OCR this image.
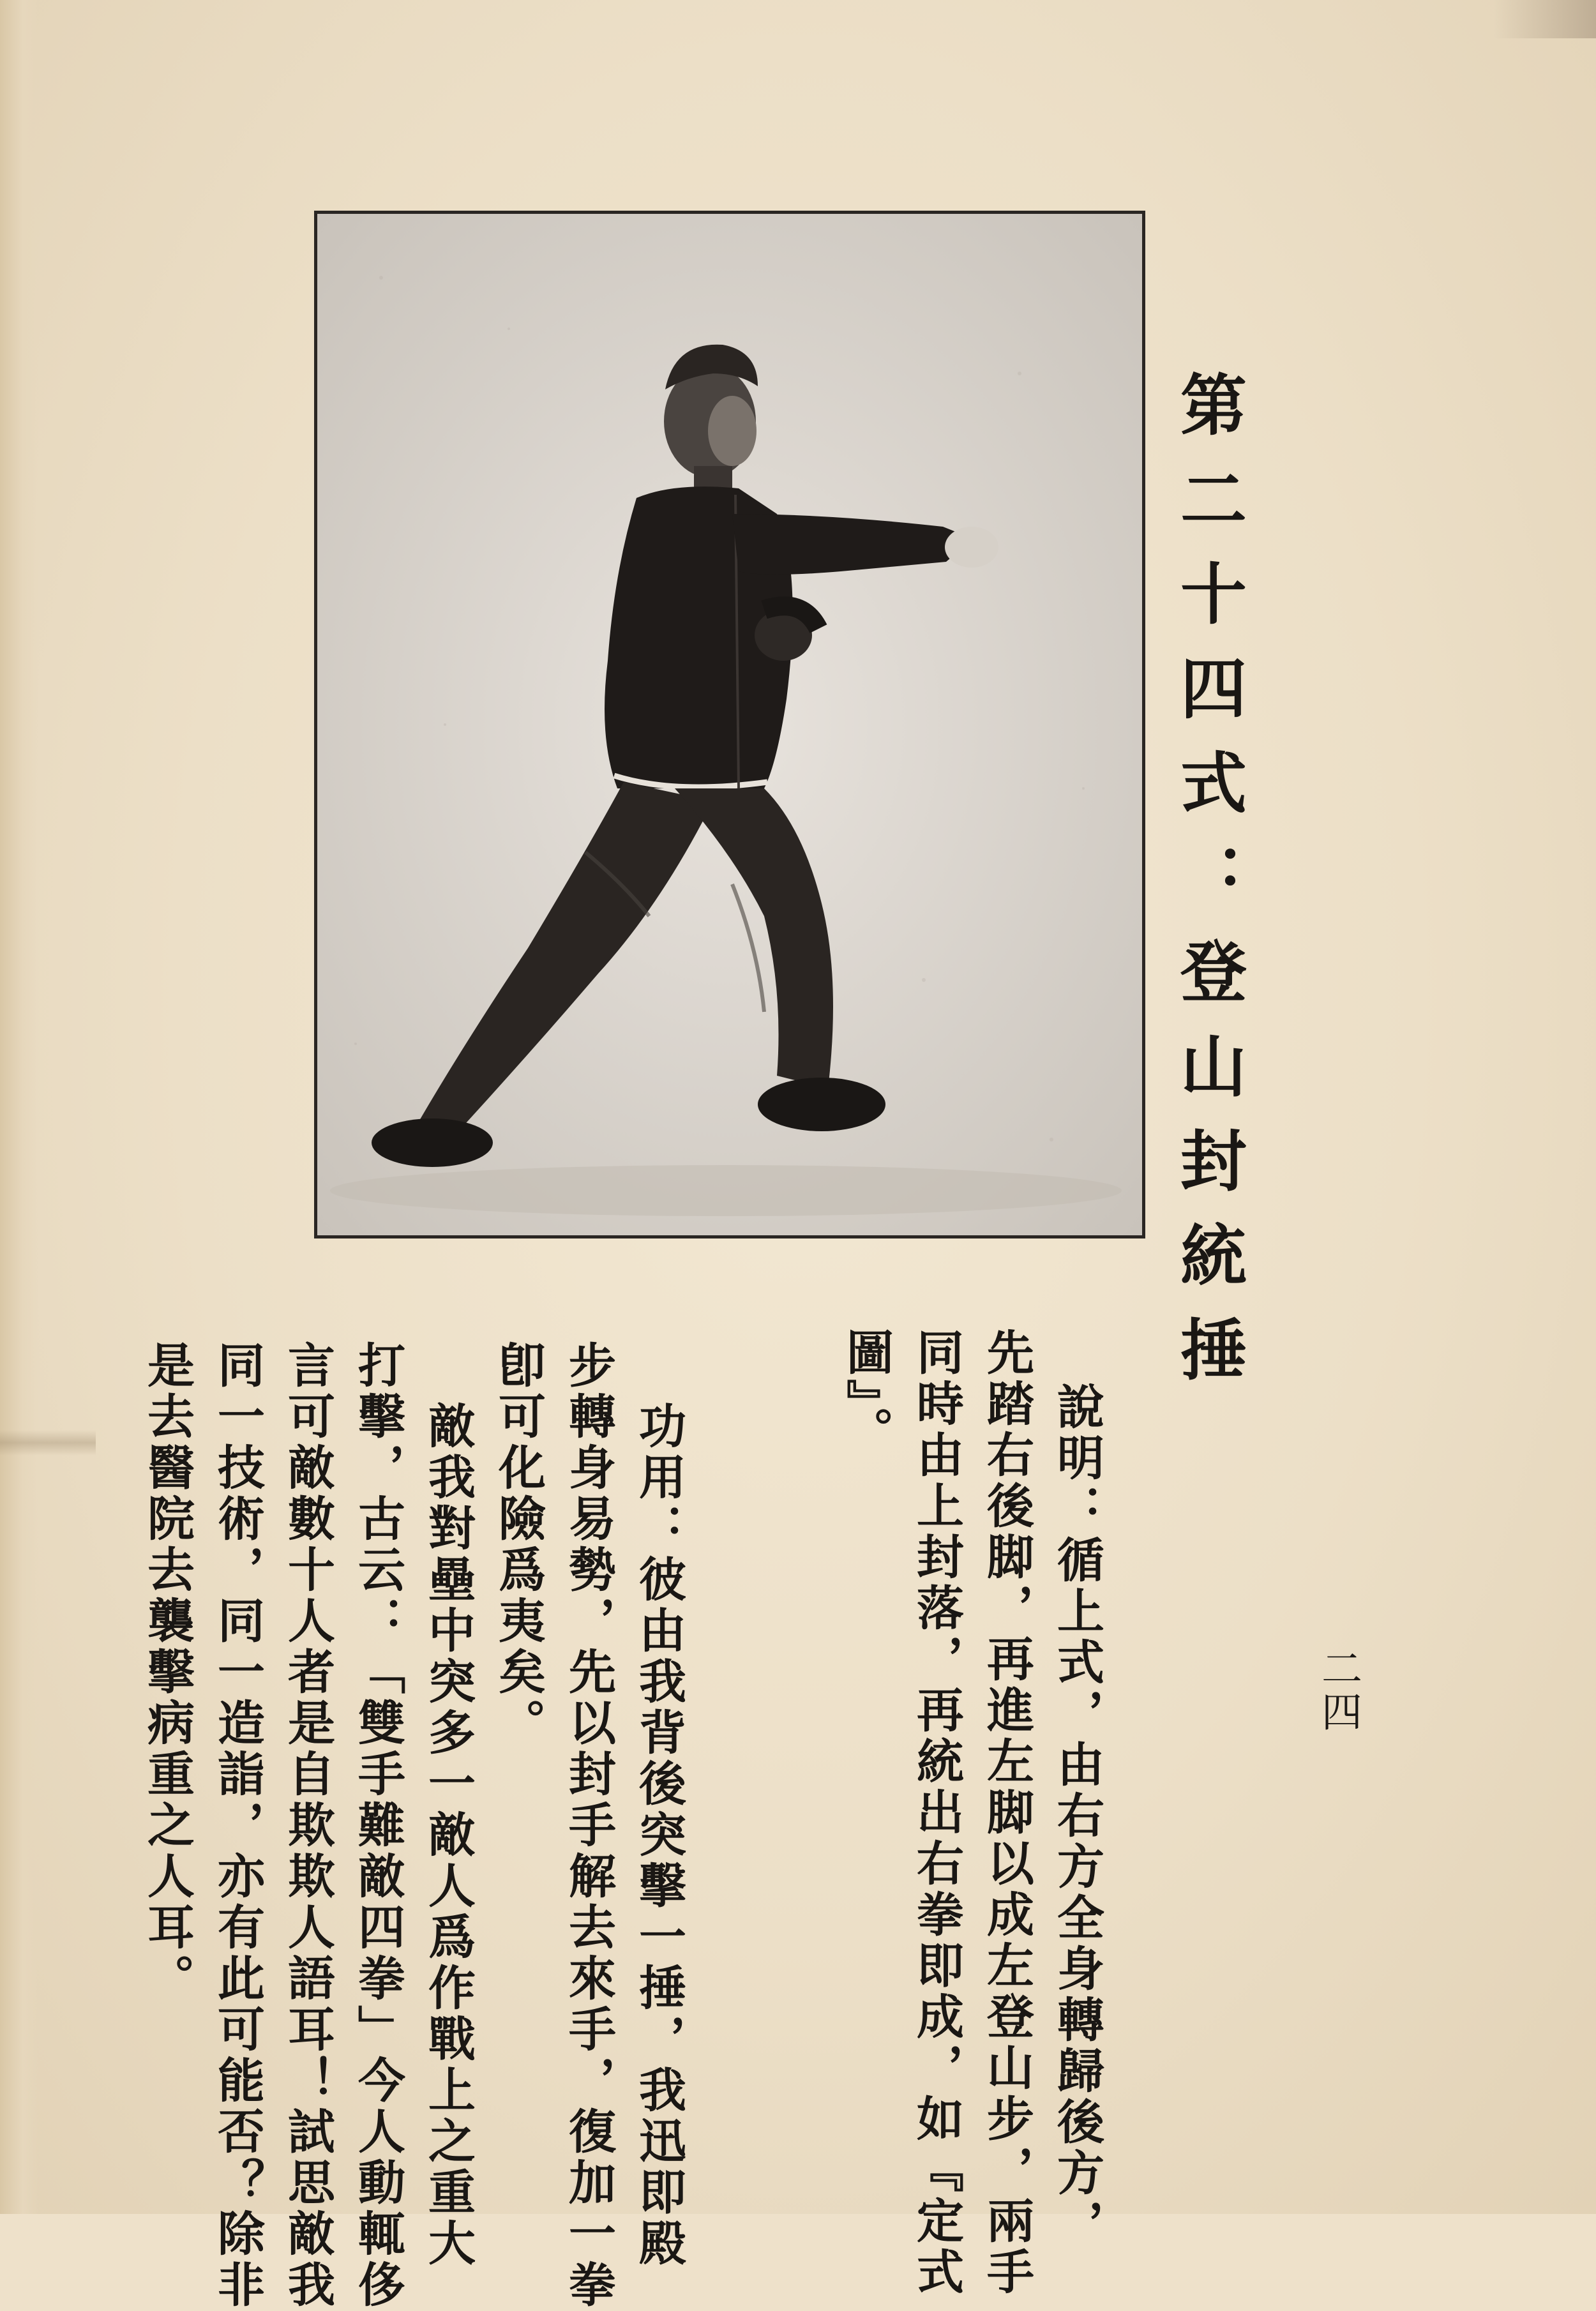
第二十四式：登山封統捶
二四
說明：循上式，由右方全身轉歸後方，
先踏右後脚，再進左脚以成左登山步，兩手
同時由上封落，再統出右拳即成，如『定式
圖』。
功用：彼由我背後突擊一捶，我迅即殿
步轉身易勢，先以封手解去來手，復加一拳
卽可化險爲夷矣。
敵我對壘中突多一敵人爲作戰上之重大
打擊，古云：「雙手難敵四拳」今人動輒侈
言可敵數十人者是自欺欺人語耳！試思敵我
同一技術，同一造詣，亦有此可能否？除非
是去醫院去襲擊病重之人耳。
